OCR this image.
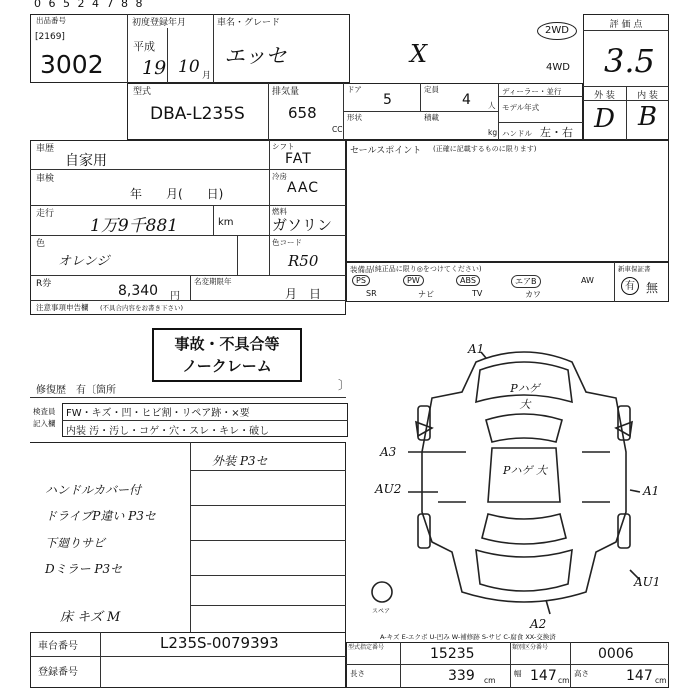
0 6 5 2 4 7 8 8
出品番号
[2169]
3002
初度登録年月
平成
19 10 月
車名・グレード
エッセ	X
2WD
4WD
評 価 点
3.5
外 装	内 装
D B
型式
DBA-L235S
排気量
658
CC
ドア
5
定員
4 人
ディーラー・並行
モデル年式
形状	積載
kg ハンドル 左・右
車歴
自家用
シフト
FAT
車検
年　　月(　　日)
冷房
AAC
走行
1万9千881	km
燃料
ガソリン
色
オレンジ
色コード
R50
R券	8,340 円
名変期限年
月　日
注意事項申告欄 (不具合内容をお書き下さい)
事故・不具合等
ノークレーム
修復歴 有〔箇所	〕
検査員
記入欄
FW・キズ・凹・ヒビ割・リペア跡・×要
内装 汚・汚し・コゲ・穴・スレ・キレ・破し
外装 P3セ
ハンドルカバー付
ドライブP違い P3セ
下廻りサビ
Dミラー P3セ
床 キズ M
セールスポイント (正確に記載するものに限ります)
装備品 (純正品に限り◎をつけてください)	新車保証書
PS	PW	ABS	エアB	AW
SR	ナビ	TV	カワ
有 無
A1
A3
AU2	A1
AU1
A2
Pハゲ 大
Pハゲ 大
スペア
A-キズ E-エクボ U-凹み W-補修跡 S-サビ C-腐食 XX-交換済
車台番号	L235S-0079393
登録番号
型式指定番号	15235	類別区分番号	0006
長さ	339 cm
幅 147 cm
高さ	147 cm
